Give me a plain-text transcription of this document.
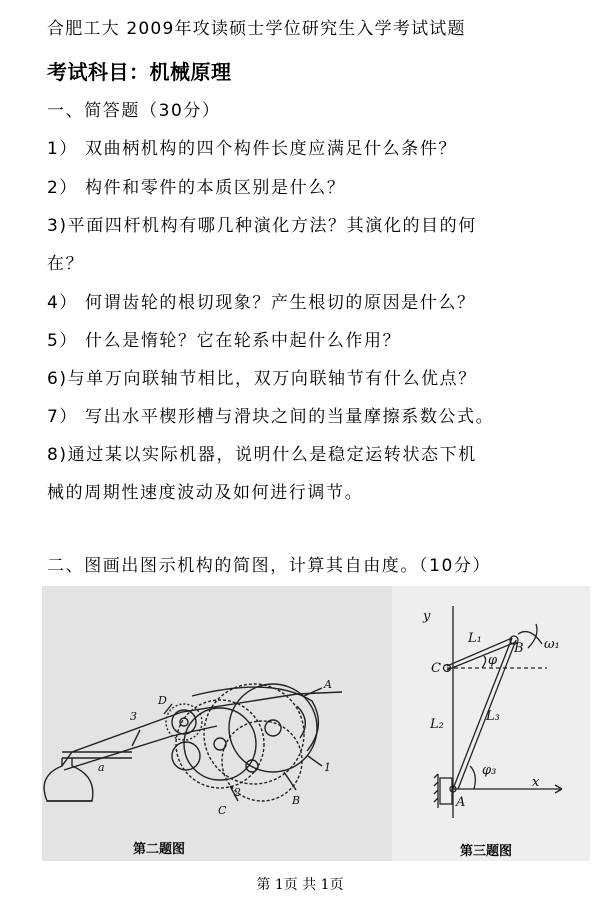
合肥工大 2009年攻读硕士学位研究生入学考试试题
考试科目：机械原理
一、简答题（30分）
1） 双曲柄机构的四个构件长度应满足什么条件？
2） 构件和零件的本质区别是什么？
3)平面四杆机构有哪几种演化方法？其演化的目的何
在？
4） 何谓齿轮的根切现象？产生根切的原因是什么？
5） 什么是惰轮？它在轮系中起什么作用？
6)与单万向联轴节相比，双万向联轴节有什么优点？
7） 写出水平楔形槽与滑块之间的当量摩擦系数公式。
8)通过某以实际机器，说明什么是稳定运转状态下机
械的周期性速度波动及如何进行调节。
二、图画出图示机构的简图，计算其自由度。（10分）
D
A
3
a
2
1
C
B
y
L₁
B ω₁
C
φ
L₂
L₃
φ₃
x
A
第二题图	第三题图
第 1页 共 1页
